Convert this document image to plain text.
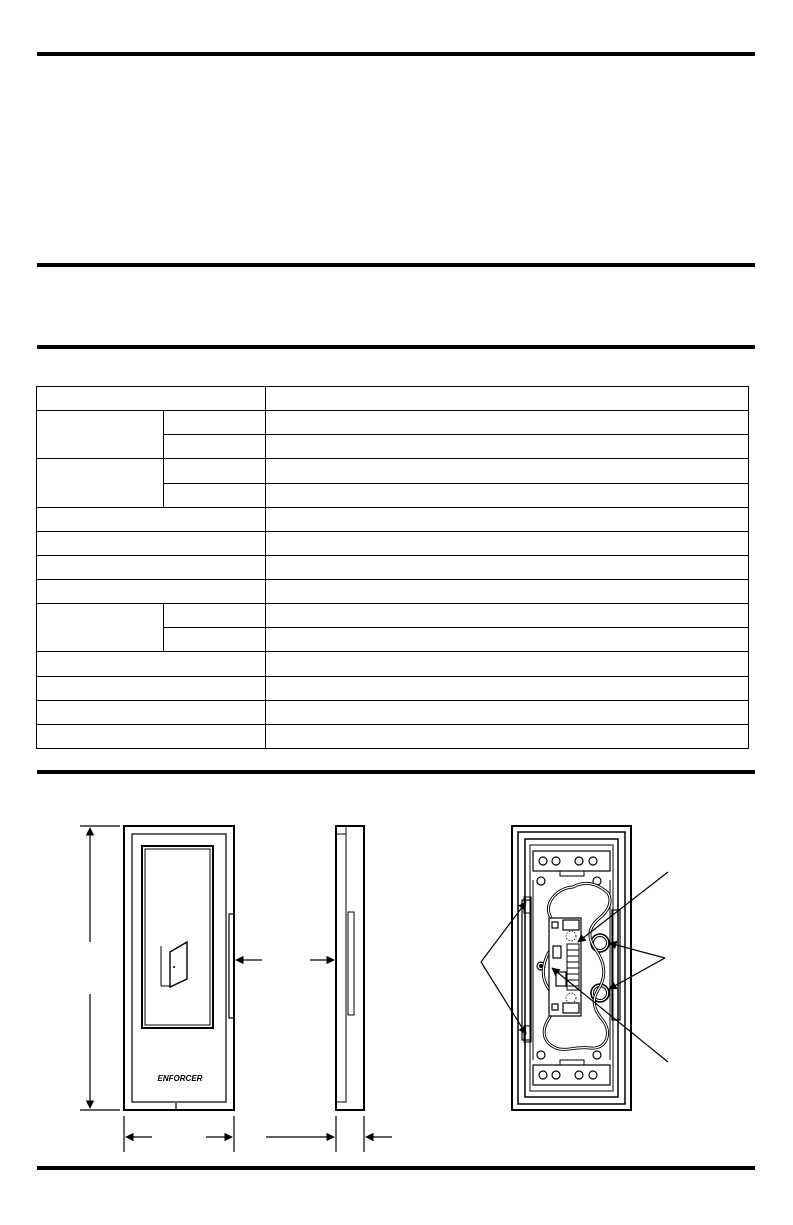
ENFORCER
